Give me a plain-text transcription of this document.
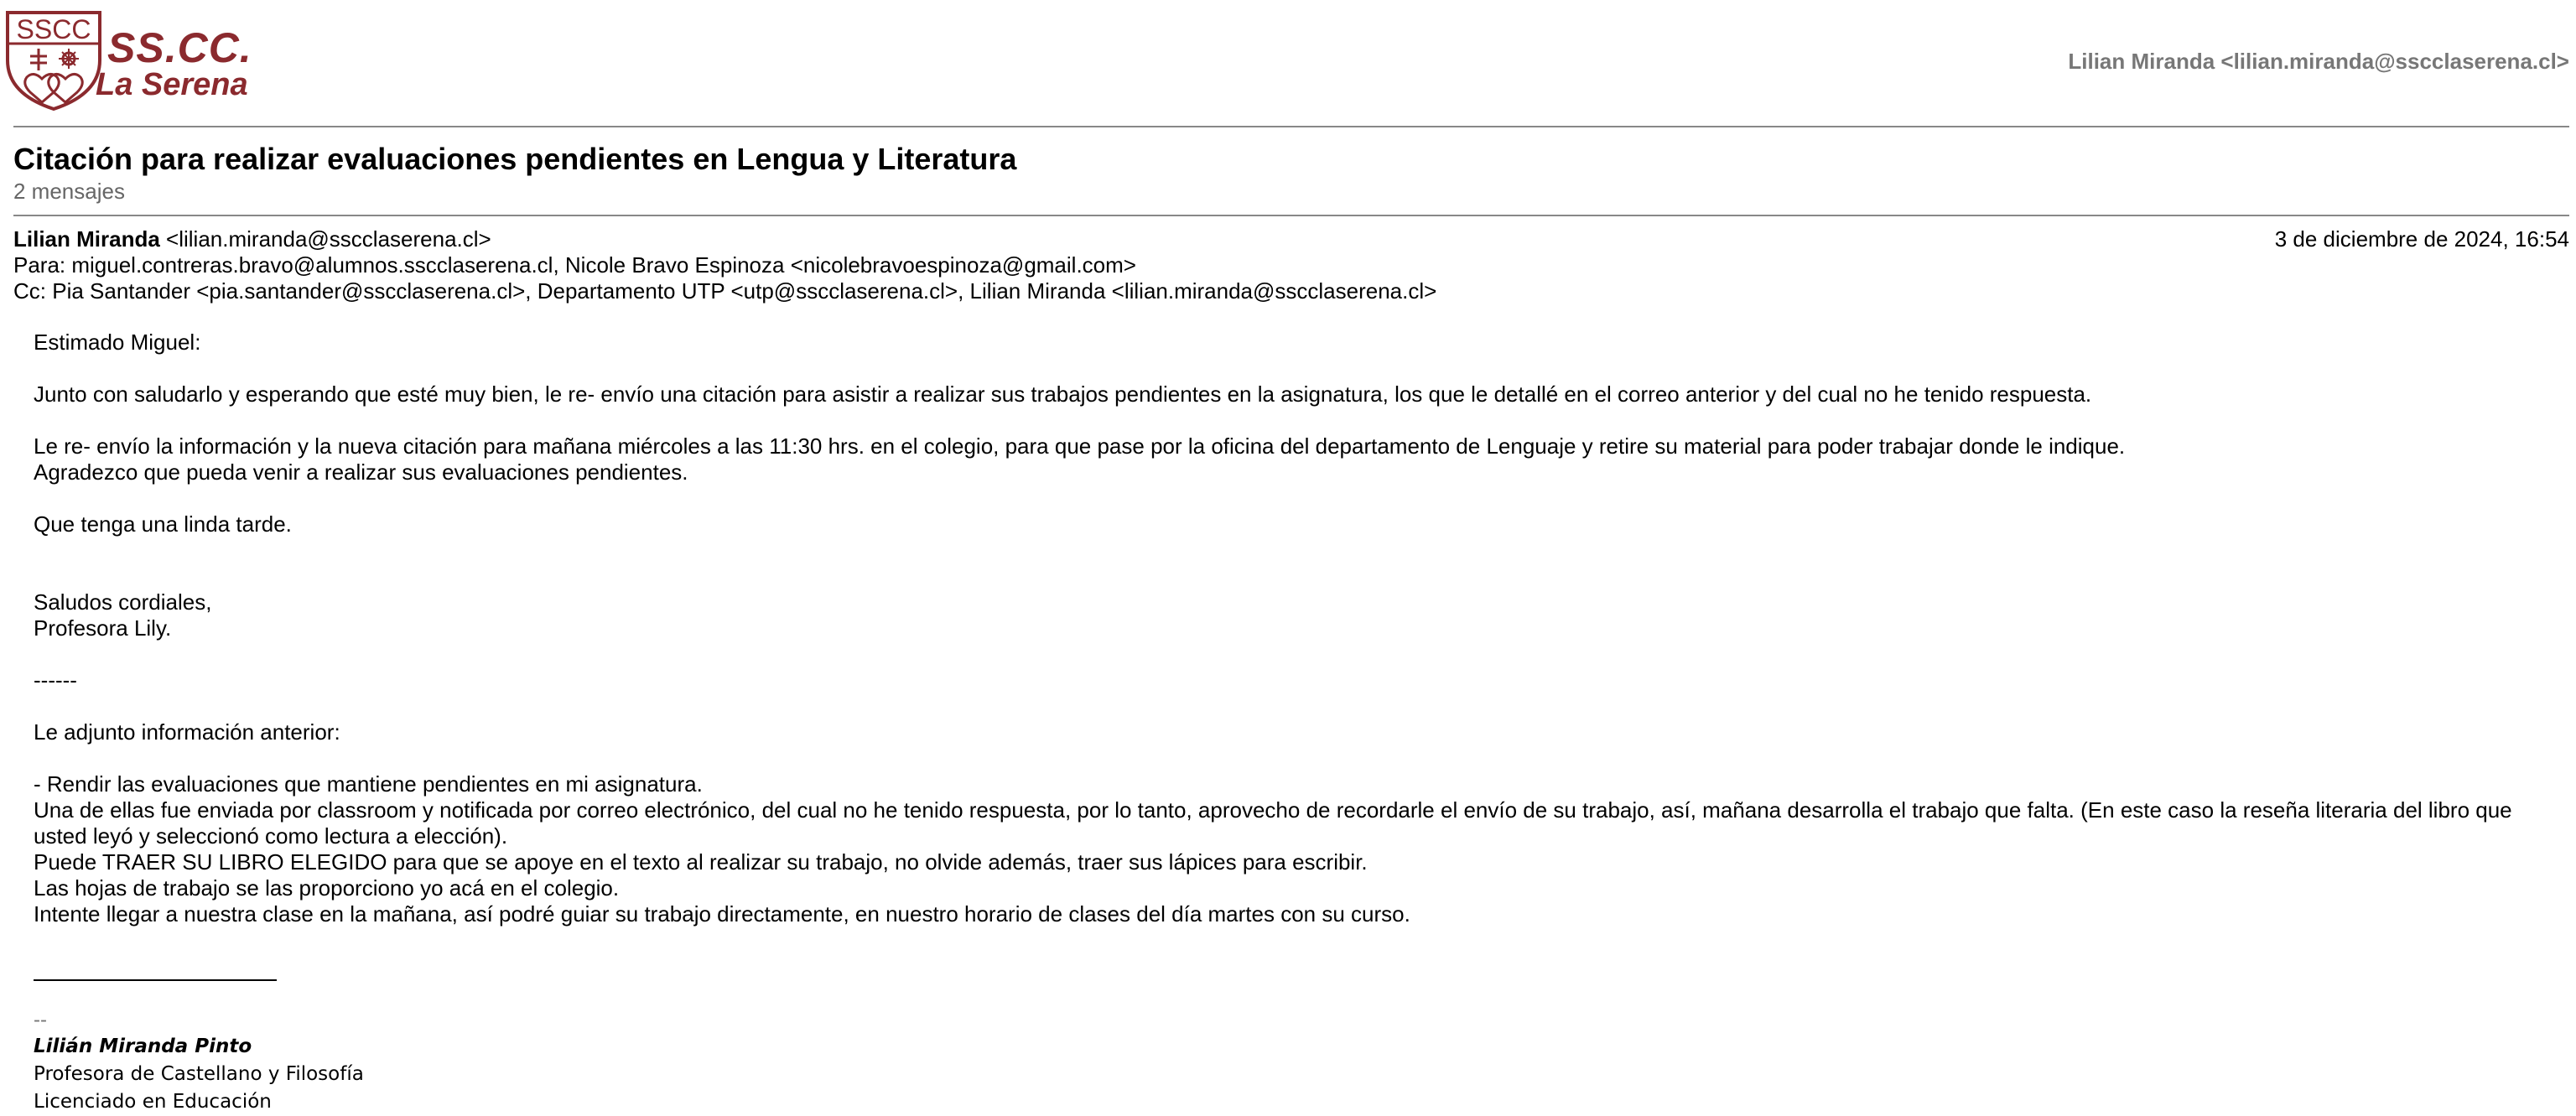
SSCC SS.CC.
La Serena
Lilian Miranda <lilian.miranda@sscclaserena.cl>
Citación para realizar evaluaciones pendientes en Lengua y Literatura
2 mensajes
Lilian Miranda <lilian.miranda@sscclaserena.cl>
Para: miguel.contreras.bravo@alumnos.sscclaserena.cl, Nicole Bravo Espinoza <nicolebravoespinoza@gmail.com>
Cc: Pia Santander <pia.santander@sscclaserena.cl>, Departamento UTP <utp@sscclaserena.cl>, Lilian Miranda <lilian.miranda@sscclaserena.cl>
3 de diciembre de 2024, 16:54

Estimado Miguel:

Junto con saludarlo y esperando que esté muy bien, le re- envío una citación para asistir a realizar sus trabajos pendientes en la asignatura, los que le detallé en el correo anterior y del cual no he tenido respuesta.

Le re- envío la información y la nueva citación para mañana miércoles a las 11:30 hrs. en el colegio, para que pase por la oficina del departamento de Lenguaje y retire su material para poder trabajar donde le indique.

Agradezco que pueda venir a realizar sus evaluaciones pendientes.

Que tenga una linda tarde.

Saludos cordiales,

Profesora Lily.

------

Le adjunto información anterior:

- Rendir las evaluaciones que mantiene pendientes en mi asignatura.

Una de ellas fue enviada por classroom y notificada por correo electrónico, del cual no he tenido respuesta, por lo tanto, aprovecho de recordarle el envío de su trabajo, así, mañana desarrolla el trabajo que falta. (En este caso la reseña literaria del libro que usted leyó y seleccionó como lectura a elección).

Puede TRAER SU LIBRO ELEGIDO para que se apoye en el texto al realizar su trabajo, no olvide además, traer sus lápices para escribir.

Las hojas de trabajo se las proporciono yo acá en el colegio.

Intente llegar a nuestra clase en la mañana, así podré guiar su trabajo directamente, en nuestro horario de clases del día martes con su curso.

--
Lilián Miranda Pinto
Profesora de Castellano y Filosofía
Licenciado en Educación
